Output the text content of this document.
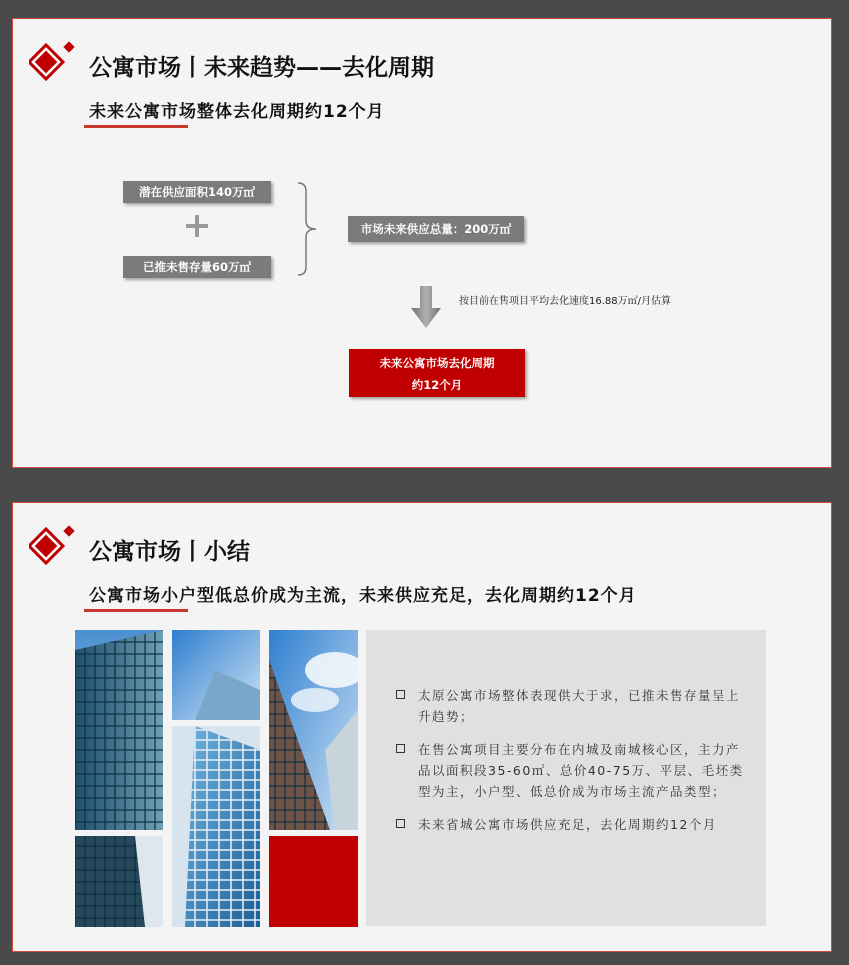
公寓市场丨未来趋势——去化周期
未来公寓市场整体去化周期约12个月
潜在供应面积140万㎡
已推未售存量60万㎡
市场未来供应总量：200万㎡
按目前在售项目平均去化速度16.88万㎡/月估算
未来公寓市场去化周期
约12个月
公寓市场丨小结
公寓市场小户型低总价成为主流，未来供应充足，去化周期约12个月
太原公寓市场整体表现供大于求，已推未售存量呈上升趋势；
在售公寓项目主要分布在内城及南城核心区，主力产品以面积段35-60㎡、总价40-75万、平层、毛坯类型为主，小户型、低总价成为市场主流产品类型；
未来省城公寓市场供应充足，去化周期约12个月
